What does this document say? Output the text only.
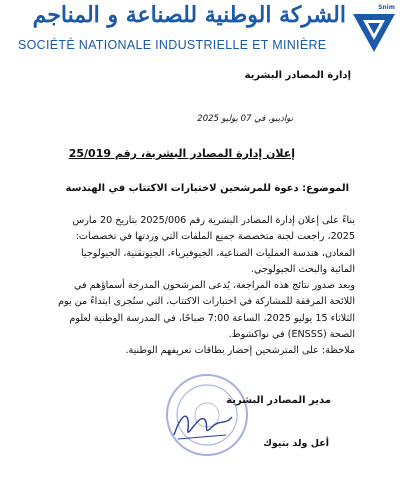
الشركة الوطنية للصناعة و المناجم
SOCIÉTÉ NATIONALE INDUSTRIELLE ET MINIÈRE
Snim
إدارة المصادر البشرية
نواذيبو، في 07 يوليو 2025
إعلان إدارة المصادر البشرية، رقم 25/019
الموضوع: دعوة للمرشحين لاختبارات الاكتتاب في الهندسة

بناءً على إعلان إدارة المصادر البشرية رقم 2025/006 بتاريخ 20 مارس 2025، راجعت لجنة متخصصة جميع الملفات التي وردتها في تخصصات: المعادن، هندسة العمليات الصناعية، الجيوفيزياء، الجيوتقنية، الجيولوجيا المائية والبحث الجيولوجي.

وبعد صدور نتائج هذه المراجعة، يُدعى المرشحون المدرجة أسماؤهم في اللائحة المرفقة للمشاركة في اختبارات الاكتتاب، التي ستُجرى ابتداءً من يوم الثلاثاء 15 يوليو 2025، الساعة 7:00 صباحًا، في المدرسة الوطنية لعلوم الصحة (ENSSS) في نواكشوط.

ملاحظة: على المترشحين إحضار بطاقات تعريفهم الوطنية.

مدير المصادر البشرية
أعل ولد بتيوك
